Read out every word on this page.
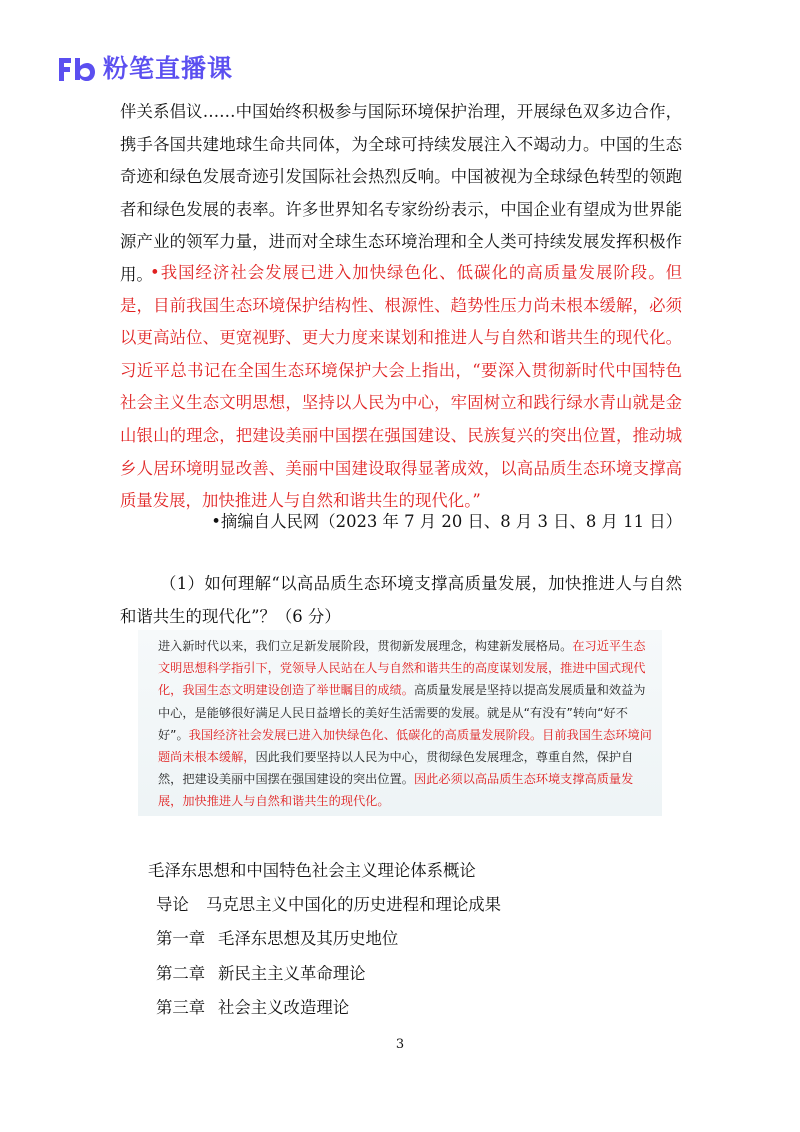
粉笔直播课

伴关系倡议……中国始终积极参与国际环境保护治理，开展绿色双多边合作，携手各国共建地球生命共同体，为全球可持续发展注入不竭动力。中国的生态奇迹和绿色发展奇迹引发国际社会热烈反响。中国被视为全球绿色转型的领跑者和绿色发展的表率。许多世界知名专家纷纷表示，中国企业有望成为世界能源产业的领军力量，进而对全球生态环境治理和全人类可持续发展发挥积极作用。

•我国经济社会发展已进入加快绿色化、低碳化的高质量发展阶段。但是，目前我国生态环境保护结构性、根源性、趋势性压力尚未根本缓解，必须以更高站位、更宽视野、更大力度来谋划和推进人与自然和谐共生的现代化。习近平总书记在全国生态环境保护大会上指出，“要深入贯彻新时代中国特色社会主义生态文明思想，坚持以人民为中心，牢固树立和践行绿水青山就是金山银山的理念，把建设美丽中国摆在强国建设、民族复兴的突出位置，推动城乡人居环境明显改善、美丽中国建设取得显著成效，以高品质生态环境支撑高质量发展，加快推进人与自然和谐共生的现代化。”

•摘编自人民网（2023 年 7 月 20 日、8 月 3 日、8 月 11 日）

（1）如何理解“以高品质生态环境支撑高质量发展，加快推进人与自然和谐共生的现代化”？（6 分）

进入新时代以来，我们立足新发展阶段，贯彻新发展理念，构建新发展格局。在习近平生态文明思想科学指引下，党领导人民站在人与自然和谐共生的高度谋划发展，推进中国式现代化，我国生态文明建设创造了举世瞩目的成绩。高质量发展是坚持以提高发展质量和效益为中心，是能够很好满足人民日益增长的美好生活需要的发展。就是从“有没有”转向“好不好”。我国经济社会发展已进入加快绿色化、低碳化的高质量发展阶段。目前我国生态环境问题尚未根本缓解，因此我们要坚持以人民为中心，贯彻绿色发展理念，尊重自然，保护自然，把建设美丽中国摆在强国建设的突出位置。因此必须以高品质生态环境支撑高质量发展，加快推进人与自然和谐共生的现代化。

毛泽东思想和中国特色社会主义理论体系概论
导论 马克思主义中国化的历史进程和理论成果
第一章 毛泽东思想及其历史地位
第二章 新民主主义革命理论
第三章 社会主义改造理论
3
